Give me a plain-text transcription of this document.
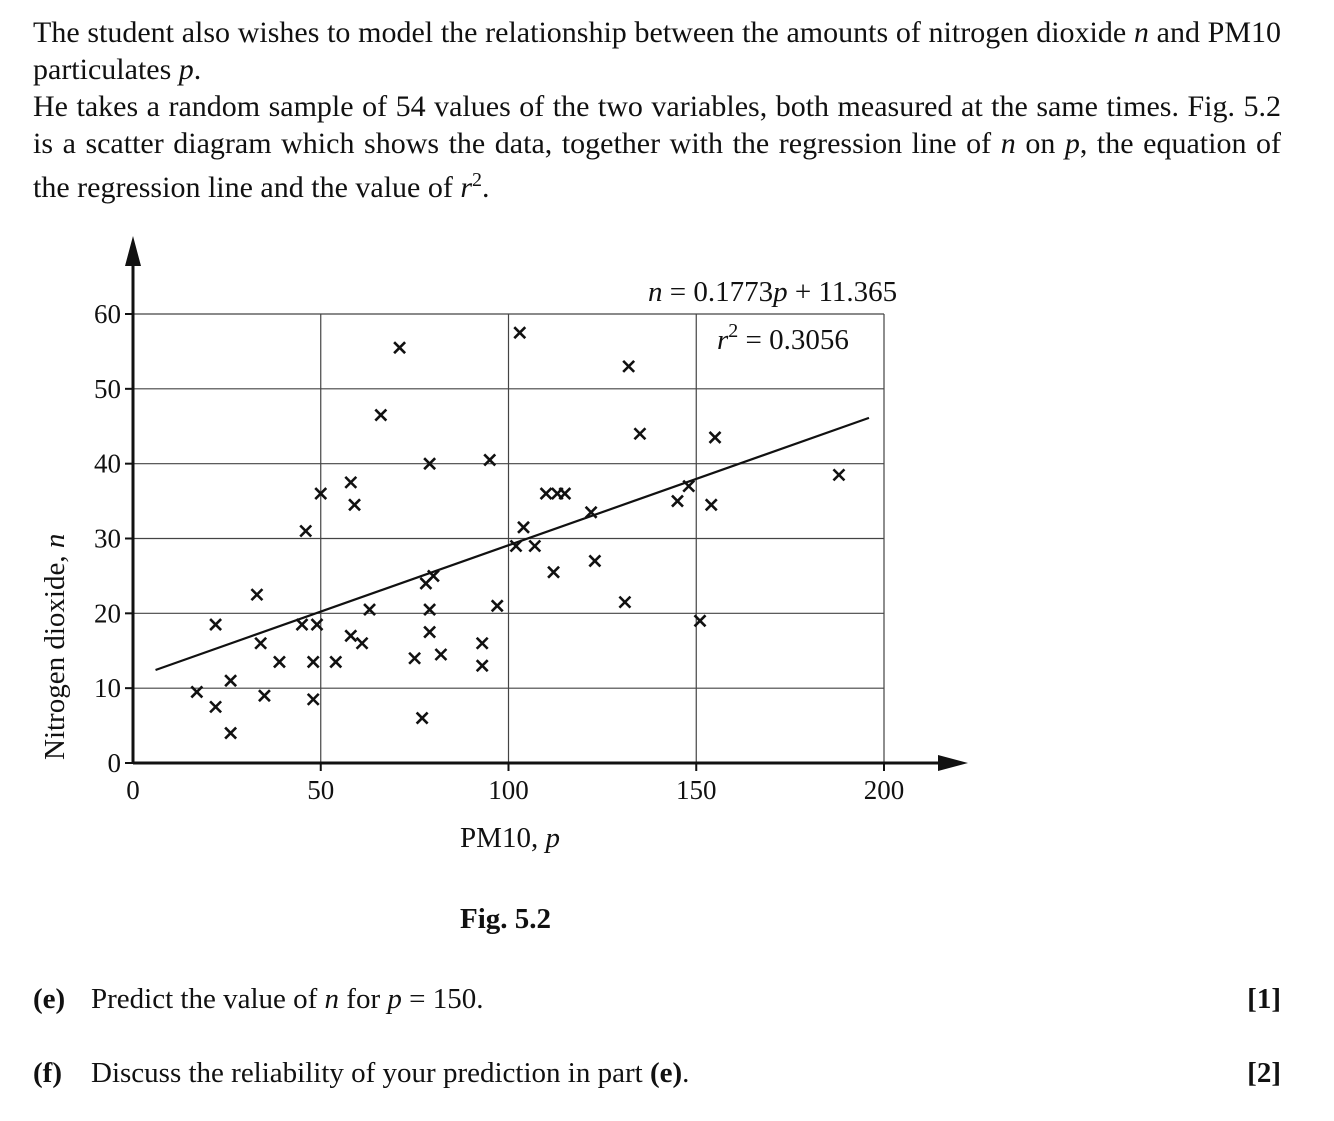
The student also wishes to model the relationship between the amounts of nitrogen dioxide n and PM10 particulates p.

He takes a random sample of 54 values of the two variables, both measured at the same times. Fig. 5.2 is a scatter diagram which shows the data, together with the regression line of n on p, the equation of the regression line and the value of $r^2$.

0
10
20
30
40
50
60
0	50	100	150	200
n = 0.1773p + 11.365
$r^2 = 0.3056$
PM10, p
Nitrogen dioxide, n
Fig. 5.2
(e) Predict the value of n for p = 150.	[1]
(f)	Discuss the reliability of your prediction in part (e).	[2]
